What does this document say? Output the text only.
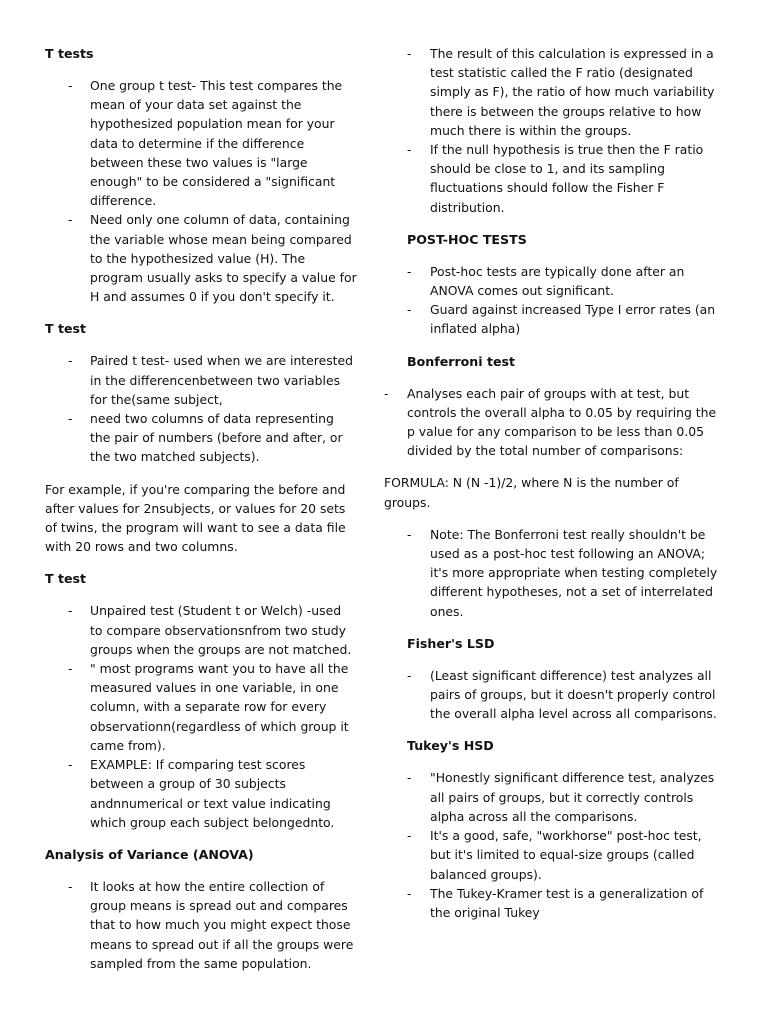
T tests
-	One group t test- This test compares the mean of your data set against the hypothesized population mean for your data to determine if the difference between these two values is "large enough" to be considered a "significant difference.
-	Need only one column of data, containing the variable whose mean being compared to the hypothesized value (H). The program usually asks to specify a value for H and assumes 0 if you don't specify it.
T test
-	Paired t test- used when we are interested in the differencenbetween two variables for the(same subject,
-	need two columns of data representing the pair of numbers (before and after, or the two matched subjects).

For example, if you're comparing the before and after values for 2nsubjects, or values for 20 sets of twins, the program will want to see a data file with 20 rows and two columns.

T test
-	Unpaired test (Student t or Welch) -used to compare observationsnfrom two study groups when the groups are not matched.
-	" most programs want you to have all the measured values in one variable, in one column, with a separate row for every observationn(regardless of which group it came from).
-	EXAMPLE: If comparing test scores between a group of 30 subjects andnnumerical or text value indicating which group each subject belongednto.
Analysis of Variance (ANOVA)
-	It looks at how the entire collection of group means is spread out and compares that to how much you might expect those means to spread out if all the groups were sampled from the same population.
-	The result of this calculation is expressed in a test statistic called the F ratio (designated simply as F), the ratio of how much variability there is between the groups relative to how much there is within the groups.
-	If the null hypothesis is true then the F ratio should be close to 1, and its sampling fluctuations should follow the Fisher F distribution.
POST-HOC TESTS
-	Post-hoc tests are typically done after an ANOVA comes out significant.
-	Guard against increased Type I error rates (an inflated alpha)
Bonferroni test
-	Analyses each pair of groups with at test, but controls the overall alpha to 0.05 by requiring the p value for any comparison to be less than 0.05 divided by the total number of comparisons:

FORMULA: N (N -1)/2, where N is the number of groups.

-	Note: The Bonferroni test really shouldn't be used as a post-hoc test following an ANOVA; it's more appropriate when testing completely different hypotheses, not a set of interrelated ones.
Fisher's LSD
-	(Least significant difference) test analyzes all pairs of groups, but it doesn't properly control the overall alpha level across all comparisons.
Tukey's HSD
-	"Honestly significant difference test, analyzes all pairs of groups, but it correctly controls alpha across all the comparisons.
-	It's a good, safe, "workhorse" post-hoc test, but it's limited to equal-size groups (called balanced groups).
-	The Tukey-Kramer test is a generalization of the original Tukey
